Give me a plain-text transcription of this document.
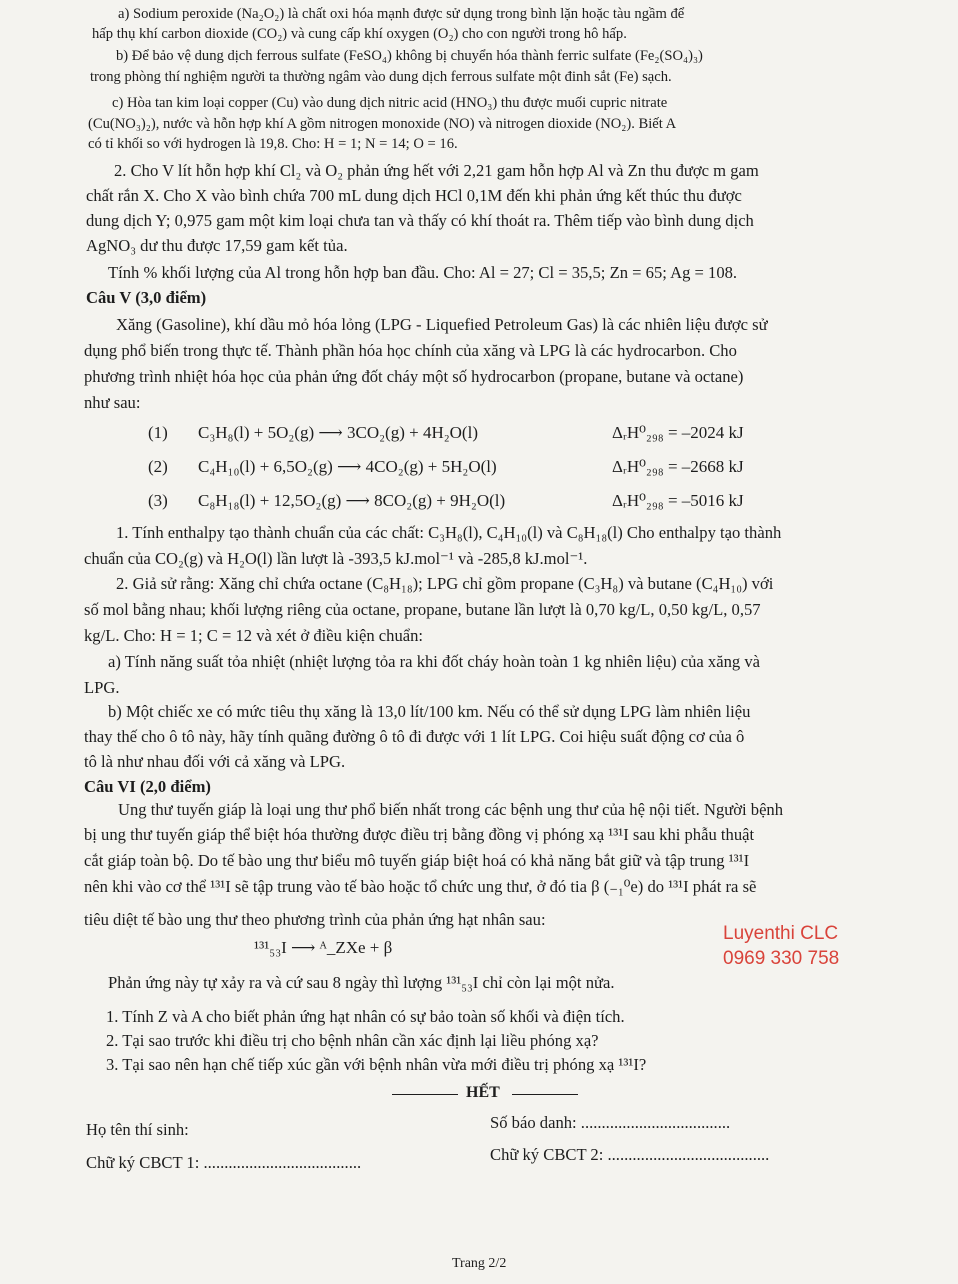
a) Sodium peroxide (Na₂O₂) là chất oxi hóa mạnh được sử dụng trong bình lặn hoặc tàu ngầm để
hấp thụ khí carbon dioxide (CO₂) và cung cấp khí oxygen (O₂) cho con người trong hô hấp.
b) Để bảo vệ dung dịch ferrous sulfate (FeSO₄) không bị chuyển hóa thành ferric sulfate (Fe₂(SO₄)₃)
trong phòng thí nghiệm người ta thường ngâm vào dung dịch ferrous sulfate một đinh sắt (Fe) sạch.
c) Hòa tan kim loại copper (Cu) vào dung dịch nitric acid (HNO₃) thu được muối cupric nitrate
(Cu(NO₃)₂), nước và hỗn hợp khí A gồm nitrogen monoxide (NO) và nitrogen dioxide (NO₂). Biết A
có tỉ khối so với hydrogen là 19,8. Cho: H = 1; N = 14; O = 16.
2. Cho V lít hỗn hợp khí Cl₂ và O₂ phản ứng hết với 2,21 gam hỗn hợp Al và Zn thu được m gam
chất rắn X. Cho X vào bình chứa 700 mL dung dịch HCl 0,1M đến khi phản ứng kết thúc thu được
dung dịch Y; 0,975 gam một kim loại chưa tan và thấy có khí thoát ra. Thêm tiếp vào bình dung dịch
AgNO₃ dư thu được 17,59 gam kết tủa.
Tính % khối lượng của Al trong hỗn hợp ban đầu. Cho: Al = 27; Cl = 35,5; Zn = 65; Ag = 108.
Câu V (3,0 điểm)
Xăng (Gasoline), khí dầu mỏ hóa lỏng (LPG - Liquefied Petroleum Gas) là các nhiên liệu được sử
dụng phổ biến trong thực tế. Thành phần hóa học chính của xăng và LPG là các hydrocarbon. Cho
phương trình nhiệt hóa học của phản ứng đốt cháy một số hydrocarbon (propane, butane và octane)
như sau:
(1) C₃H₈(l) + 5O₂(g) ⟶ 3CO₂(g) + 4H₂O(l)	ΔᵣH⁰₂₉₈ = –2024 kJ
(2) C₄H₁₀(l) + 6,5O₂(g) ⟶ 4CO₂(g) + 5H₂O(l)	ΔᵣH⁰₂₉₈ = –2668 kJ
(3) C₈H₁₈(l) + 12,5O₂(g) ⟶ 8CO₂(g) + 9H₂O(l)	ΔᵣH⁰₂₉₈ = –5016 kJ
1. Tính enthalpy tạo thành chuẩn của các chất: C₃H₈(l), C₄H₁₀(l) và C₈H₁₈(l) Cho enthalpy tạo thành
chuẩn của CO₂(g) và H₂O(l) lần lượt là -393,5 kJ.mol⁻¹ và -285,8 kJ.mol⁻¹.
2. Giả sử rằng: Xăng chỉ chứa octane (C₈H₁₈); LPG chỉ gồm propane (C₃H₈) và butane (C₄H₁₀) với
số mol bằng nhau; khối lượng riêng của octane, propane, butane lần lượt là 0,70 kg/L, 0,50 kg/L, 0,57
kg/L. Cho: H = 1; C = 12 và xét ở điều kiện chuẩn:
a) Tính năng suất tỏa nhiệt (nhiệt lượng tỏa ra khi đốt cháy hoàn toàn 1 kg nhiên liệu) của xăng và
LPG.
b) Một chiếc xe có mức tiêu thụ xăng là 13,0 lít/100 km. Nếu có thể sử dụng LPG làm nhiên liệu
thay thế cho ô tô này, hãy tính quãng đường ô tô đi được với 1 lít LPG. Coi hiệu suất động cơ của ô
tô là như nhau đối với cả xăng và LPG.
Câu VI (2,0 điểm)
Ung thư tuyến giáp là loại ung thư phổ biến nhất trong các bệnh ung thư của hệ nội tiết. Người bệnh
bị ung thư tuyến giáp thể biệt hóa thường được điều trị bằng đồng vị phóng xạ ¹³¹I sau khi phẫu thuật
cắt giáp toàn bộ. Do tế bào ung thư biểu mô tuyến giáp biệt hoá có khả năng bắt giữ và tập trung ¹³¹I
nên khi vào cơ thể ¹³¹I sẽ tập trung vào tế bào hoặc tổ chức ung thư, ở đó tia β (₋₁⁰e) do ¹³¹I phát ra sẽ
tiêu diệt tế bào ung thư theo phương trình của phản ứng hạt nhân sau:
¹³¹₅₃I ⟶ ᴬ_ZXe + β
Luyenthi CLC
0969 330 758
Phản ứng này tự xảy ra và cứ sau 8 ngày thì lượng ¹³¹₅₃I chỉ còn lại một nửa.
1. Tính Z và A cho biết phản ứng hạt nhân có sự bảo toàn số khối và điện tích.
2. Tại sao trước khi điều trị cho bệnh nhân cần xác định lại liều phóng xạ?
3. Tại sao nên hạn chế tiếp xúc gần với bệnh nhân vừa mới điều trị phóng xạ ¹³¹I?
HẾT
Họ tên thí sinh:	Số báo danh: ....................................
Chữ ký CBCT 1: ......................................	Chữ ký CBCT 2: .......................................
Trang 2/2
